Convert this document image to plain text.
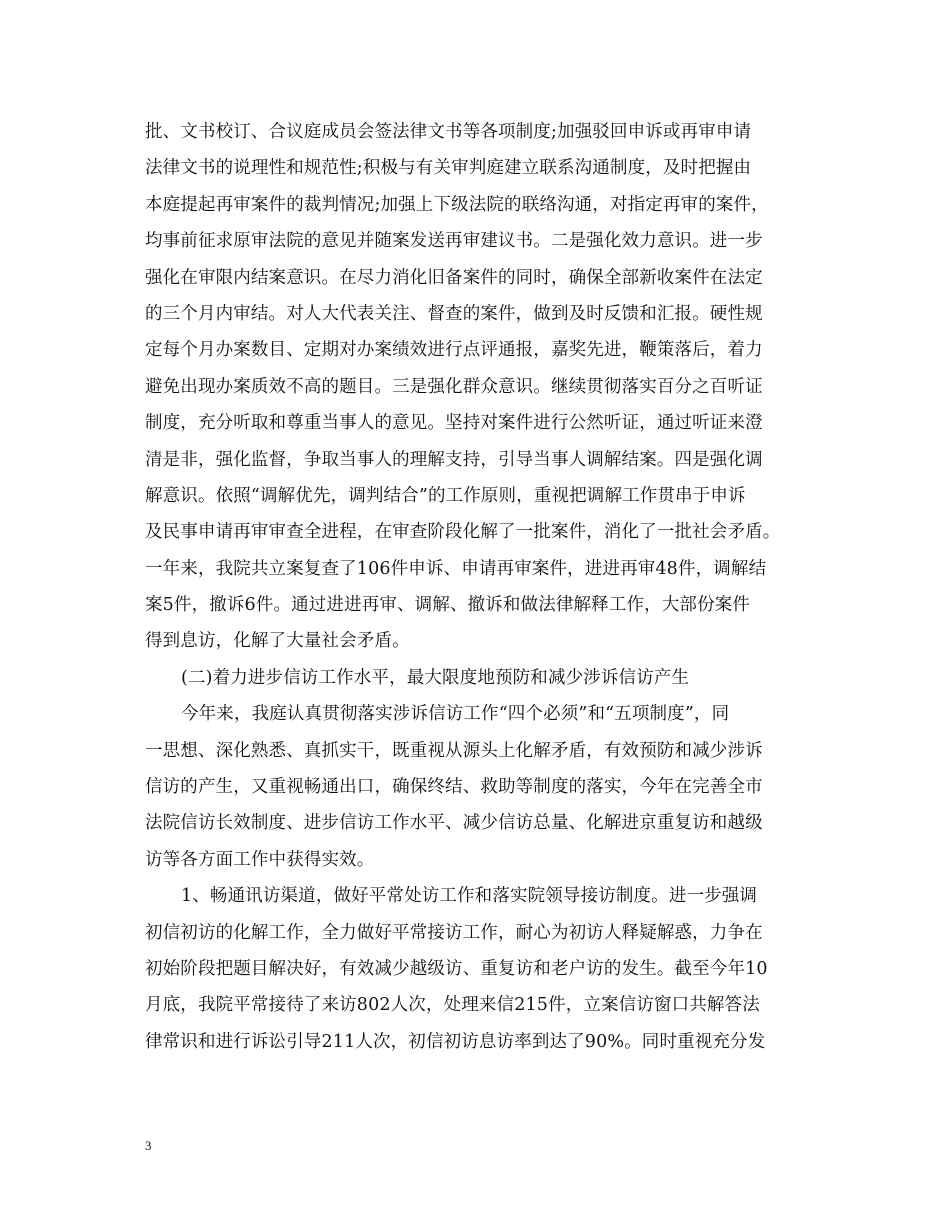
批、文书校订、合议庭成员会签法律文书等各项制度;加强驳回申诉或再审申请
法律文书的说理性和规范性;积极与有关审判庭建立联系沟通制度，及时把握由
本庭提起再审案件的裁判情况;加强上下级法院的联络沟通，对指定再审的案件，
均事前征求原审法院的意见并随案发送再审建议书。二是强化效力意识。进一步
强化在审限内结案意识。在尽力消化旧备案件的同时，确保全部新收案件在法定
的三个月内审结。对人大代表关注、督查的案件，做到及时反馈和汇报。硬性规
定每个月办案数目、定期对办案绩效进行点评通报，嘉奖先进，鞭策落后，着力
避免出现办案质效不高的题目。三是强化群众意识。继续贯彻落实百分之百听证
制度，充分听取和尊重当事人的意见。坚持对案件进行公然听证，通过听证来澄
清是非，强化监督，争取当事人的理解支持，引导当事人调解结案。四是强化调
解意识。依照“调解优先，调判结合”的工作原则，重视把调解工作贯串于申诉
及民事申请再审审查全进程，在审查阶段化解了一批案件，消化了一批社会矛盾。
一年来，我院共立案复查了106件申诉、申请再审案件，进进再审48件，调解结
案5件，撤诉6件。通过进进再审、调解、撤诉和做法律解释工作，大部份案件
得到息访，化解了大量社会矛盾。
(二)着力进步信访工作水平，最大限度地预防和减少涉诉信访产生
今年来，我庭认真贯彻落实涉诉信访工作“四个必须”和“五项制度”，同
一思想、深化熟悉、真抓实干，既重视从源头上化解矛盾，有效预防和减少涉诉
信访的产生，又重视畅通出口，确保终结、救助等制度的落实，今年在完善全市
法院信访长效制度、进步信访工作水平、减少信访总量、化解进京重复访和越级
访等各方面工作中获得实效。
1、畅通讯访渠道，做好平常处访工作和落实院领导接访制度。进一步强调
初信初访的化解工作，全力做好平常接访工作，耐心为初访人释疑解惑，力争在
初始阶段把题目解决好，有效减少越级访、重复访和老户访的发生。截至今年10
月底，我院平常接待了来访802人次，处理来信215件，立案信访窗口共解答法
律常识和进行诉讼引导211人次，初信初访息访率到达了90%。同时重视充分发
3
